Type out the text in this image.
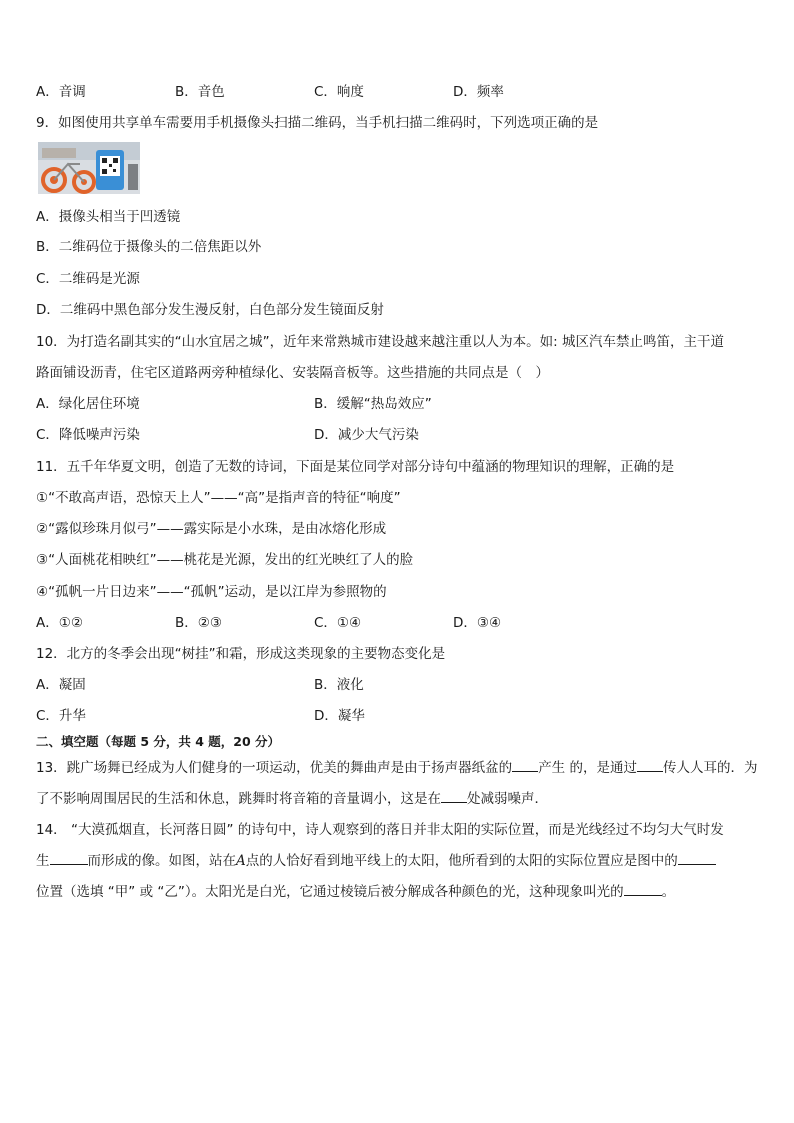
A．音调	B．音色	C．响度	D．频率
9．如图使用共享单车需要用手机摄像头扫描二维码，当手机扫描二维码时，下列选项正确的是
A．摄像头相当于凹透镜
B．二维码位于摄像头的二倍焦距以外
C．二维码是光源
D．二维码中黑色部分发生漫反射，白色部分发生镜面反射
10．为打造名副其实的“山水宜居之城”，近年来常熟城市建设越来越注重以人为本。如: 城区汽车禁止鸣笛，主干道
路面铺设沥青，住宅区道路两旁种植绿化、安装隔音板等。这些措施的共同点是（　）
A．绿化居住环境	B．缓解“热岛效应”
C．降低噪声污染	D．减少大气污染
11．五千年华夏文明，创造了无数的诗词，下面是某位同学对部分诗句中蕴涵的物理知识的理解，正确的是
①“不敢高声语，恐惊天上人”——“高”是指声音的特征“响度”
②“露似珍珠月似弓”——露实际是小水珠，是由冰熔化形成
③“人面桃花相映红”——桃花是光源，发出的红光映红了人的脸
④“孤帆一片日边来”——“孤帆”运动，是以江岸为参照物的
A．①②	B．②③	C．①④	D．③④
12．北方的冬季会出现“树挂”和霜，形成这类现象的主要物态变化是
A．凝固	B．液化
C．升华	D．凝华
二、填空题（每题 5 分，共 4 题，20 分）
13．跳广场舞已经成为人们健身的一项运动，优美的舞曲声是由于扬声器纸盆的 产生 的，是通过 传人人耳的．为
了不影响周围居民的生活和休息，跳舞时将音箱的音量调小，这是在 处减弱噪声．
14． “大漠孤烟直，长河落日圆” 的诗句中，诗人观察到的落日并非太阳的实际位置，而是光线经过不均匀大气时发
生	而形成的像。如图，站在A点的人恰好看到地平线上的太阳，他所看到的太阳的实际位置应是图中的
位置（选填 “甲” 或 “乙”）。太阳光是白光，它通过棱镜后被分解成各种颜色的光，这种现象叫光的	。
